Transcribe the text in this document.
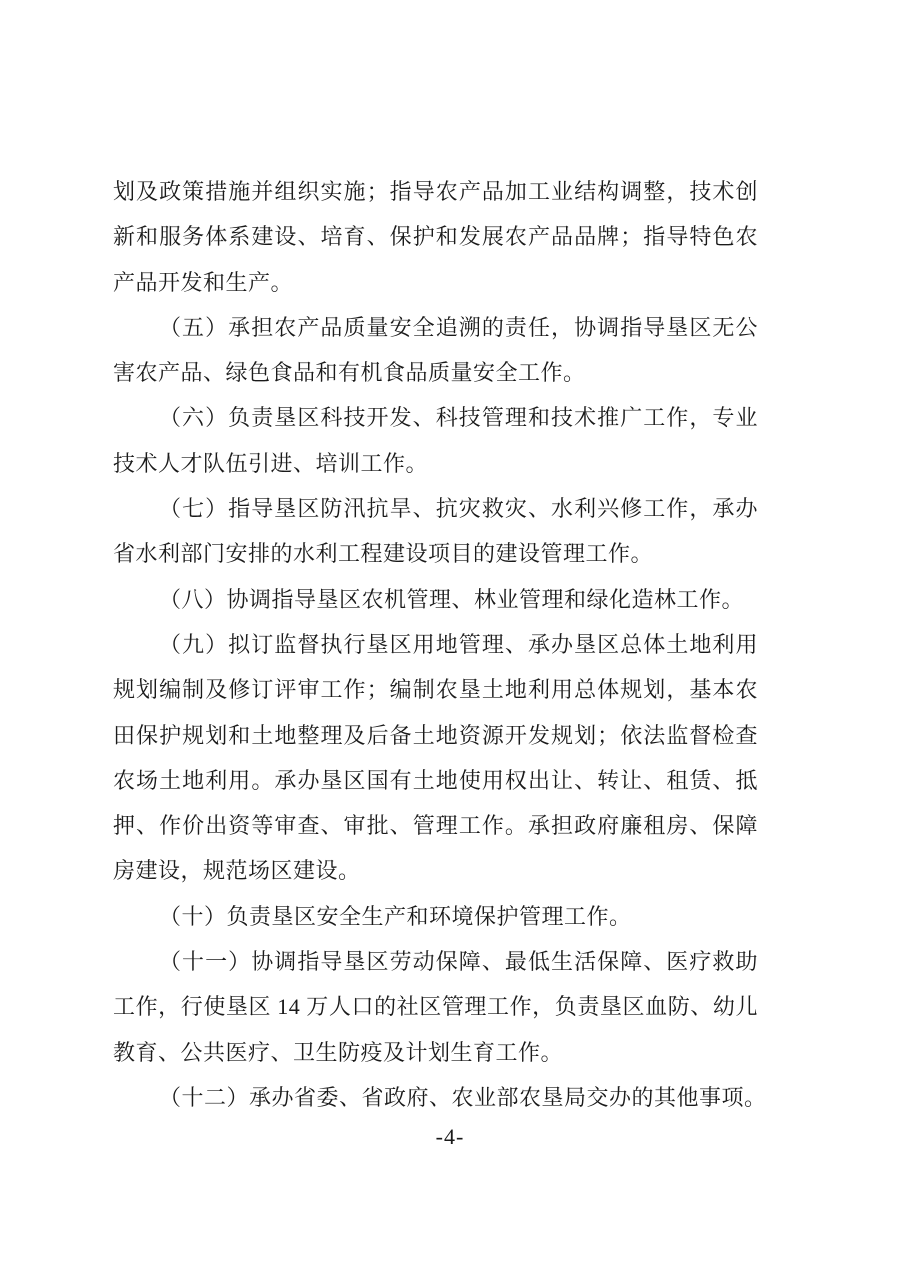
划及政策措施并组织实施；指导农产品加工业结构调整，技术创
新和服务体系建设、培育、保护和发展农产品品牌；指导特色农
产品开发和生产。
（五）承担农产品质量安全追溯的责任，协调指导垦区无公
害农产品、绿色食品和有机食品质量安全工作。
（六）负责垦区科技开发、科技管理和技术推广工作，专业
技术人才队伍引进、培训工作。
（七）指导垦区防汛抗旱、抗灾救灾、水利兴修工作，承办
省水利部门安排的水利工程建设项目的建设管理工作。
（八）协调指导垦区农机管理、林业管理和绿化造林工作。
（九）拟订监督执行垦区用地管理、承办垦区总体土地利用
规划编制及修订评审工作；编制农垦土地利用总体规划，基本农
田保护规划和土地整理及后备土地资源开发规划；依法监督检查
农场土地利用。承办垦区国有土地使用权出让、转让、租赁、抵
押、作价出资等审查、审批、管理工作。承担政府廉租房、保障
房建设，规范场区建设。
（十）负责垦区安全生产和环境保护管理工作。
（十一）协调指导垦区劳动保障、最低生活保障、医疗救助
工作，行使垦区 14 万人口的社区管理工作，负责垦区血防、幼儿
教育、公共医疗、卫生防疫及计划生育工作。
（十二）承办省委、省政府、农业部农垦局交办的其他事项。
-4-
